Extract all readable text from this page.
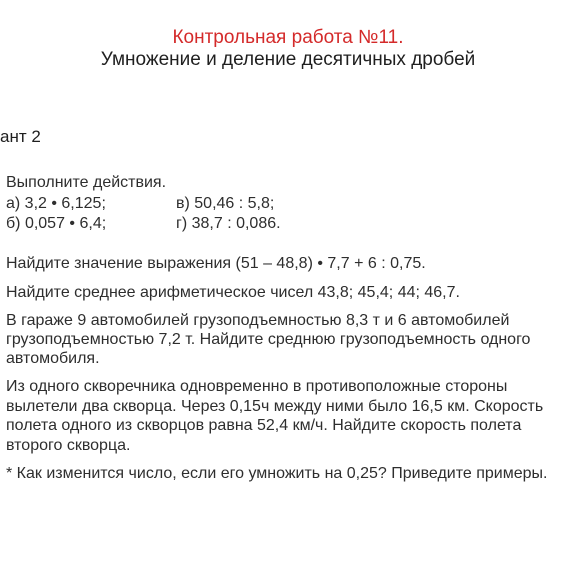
Контрольная работа №11.
Умножение и деление десятичных дробей
ант 2
Выполните действия.
а) 3,2 • 6,125;	в) 50,46 : 5,8;
б) 0,057 • 6,4;	г) 38,7 : 0,086.
Найдите значение выражения (51 – 48,8) • 7,7 + 6 : 0,75.
Найдите среднее арифметическое чисел 43,8; 45,4; 44; 46,7.
В гараже 9 автомобилей грузоподъемностью 8,3 т и 6 автомобилей
грузоподъемностью 7,2 т. Найдите среднюю грузоподъемность одного
автомобиля.
Из одного скворечника одновременно в противоположные стороны
вылетели два скворца. Через 0,15ч между ними было 16,5 км. Скорость
полета одного из скворцов равна 52,4 км/ч. Найдите скорость полета
второго скворца.
* Как изменится число, если его умножить на 0,25? Приведите примеры.
